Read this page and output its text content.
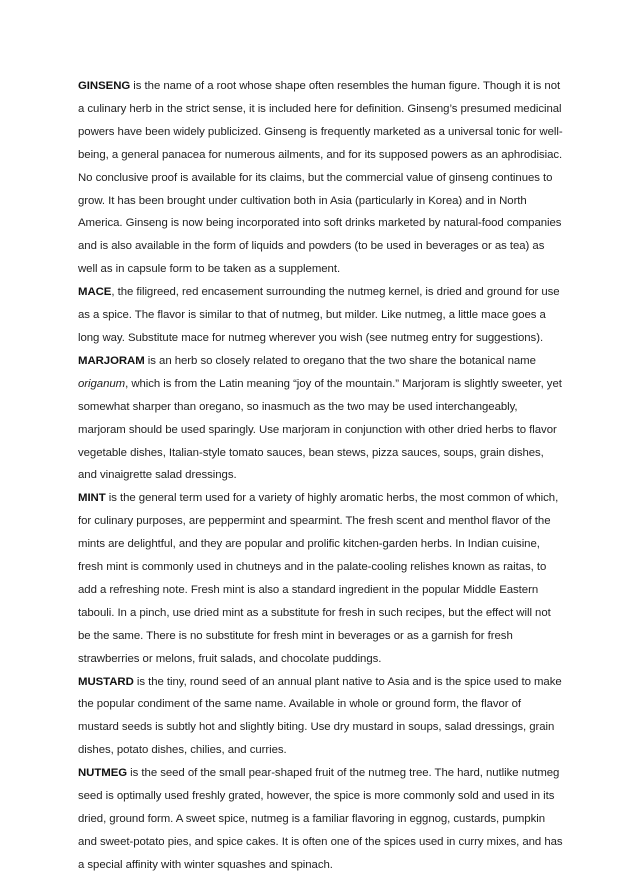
GINSENG is the name of a root whose shape often resembles the human figure. Though it is not a culinary herb in the strict sense, it is included here for definition. Ginseng’s presumed medicinal powers have been widely publicized. Ginseng is frequently marketed as a universal tonic for well-being, a general panacea for numerous ailments, and for its supposed powers as an aphrodisiac. No conclusive proof is available for its claims, but the commercial value of ginseng continues to grow. It has been brought under cultivation both in Asia (particularly in Korea) and in North America. Ginseng is now being incorporated into soft drinks marketed by natural-food companies and is also available in the form of liquids and powders (to be used in beverages or as tea) as well as in capsule form to be taken as a supplement.

MACE, the filigreed, red encasement surrounding the nutmeg kernel, is dried and ground for use as a spice. The flavor is similar to that of nutmeg, but milder. Like nutmeg, a little mace goes a long way. Substitute mace for nutmeg wherever you wish (see nutmeg entry for suggestions).

MARJORAM is an herb so closely related to oregano that the two share the botanical name origanum, which is from the Latin meaning “joy of the mountain.” Marjoram is slightly sweeter, yet somewhat sharper than oregano, so inasmuch as the two may be used interchangeably, marjoram should be used sparingly. Use marjoram in conjunction with other dried herbs to flavor vegetable dishes, Italian-style tomato sauces, bean stews, pizza sauces, soups, grain dishes, and vinaigrette salad dressings.

MINT is the general term used for a variety of highly aromatic herbs, the most common of which, for culinary purposes, are peppermint and spearmint. The fresh scent and menthol flavor of the mints are delightful, and they are popular and prolific kitchen-garden herbs. In Indian cuisine, fresh mint is commonly used in chutneys and in the palate-cooling relishes known as raitas, to add a refreshing note. Fresh mint is also a standard ingredient in the popular Middle Eastern tabouli. In a pinch, use dried mint as a substitute for fresh in such recipes, but the effect will not be the same. There is no substitute for fresh mint in beverages or as a garnish for fresh strawberries or melons, fruit salads, and chocolate puddings.

MUSTARD is the tiny, round seed of an annual plant native to Asia and is the spice used to make the popular condiment of the same name. Available in whole or ground form, the flavor of mustard seeds is subtly hot and slightly biting. Use dry mustard in soups, salad dressings, grain dishes, potato dishes, chilies, and curries.

NUTMEG is the seed of the small pear-shaped fruit of the nutmeg tree. The hard, nutlike nutmeg seed is optimally used freshly grated, however, the spice is more commonly sold and used in its dried, ground form. A sweet spice, nutmeg is a familiar flavoring in eggnog, custards, pumpkin and sweet-potato pies, and spice cakes. It is often one of the spices used in curry mixes, and has a special affinity with winter squashes and spinach.
